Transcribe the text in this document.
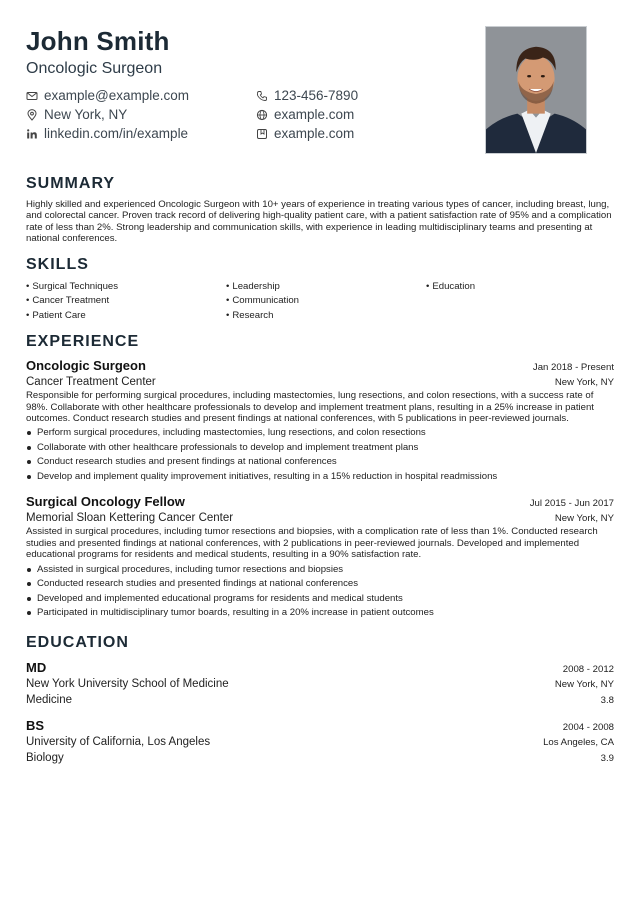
John Smith
Oncologic Surgeon
example@example.com	123-456-7890
New York, NY	example.com
linkedin.com/in/example	example.com
SUMMARY

Highly skilled and experienced Oncologic Surgeon with 10+ years of experience in treating various types of cancer, including breast, lung, and colorectal cancer. Proven track record of delivering high-quality patient care, with a patient satisfaction rate of 95% and a complication rate of less than 2%. Strong leadership and communication skills, with experience in leading multidisciplinary teams and presenting at national conferences.

SKILLS
• Surgical Techniques	• Leadership	• Education
• Cancer Treatment	• Communication
• Patient Care	• Research
EXPERIENCE
Oncologic Surgeon	Jan 2018 - Present
Cancer Treatment Center	New York, NY

Responsible for performing surgical procedures, including mastectomies, lung resections, and colon resections, with a success rate of 98%. Collaborate with other healthcare professionals to develop and implement treatment plans, resulting in a 25% increase in patient outcomes. Conduct research studies and present findings at national conferences, with 5 publications in peer-reviewed journals.

Perform surgical procedures, including mastectomies, lung resections, and colon resections
Collaborate with other healthcare professionals to develop and implement treatment plans
Conduct research studies and present findings at national conferences
Develop and implement quality improvement initiatives, resulting in a 15% reduction in hospital readmissions
Surgical Oncology Fellow	Jul 2015 - Jun 2017
Memorial Sloan Kettering Cancer Center	New York, NY

Assisted in surgical procedures, including tumor resections and biopsies, with a complication rate of less than 1%. Conducted research studies and presented findings at national conferences, with 2 publications in peer-reviewed journals. Developed and implemented educational programs for residents and medical students, resulting in a 90% satisfaction rate.

Assisted in surgical procedures, including tumor resections and biopsies
Conducted research studies and presented findings at national conferences
Developed and implemented educational programs for residents and medical students
Participated in multidisciplinary tumor boards, resulting in a 20% increase in patient outcomes
EDUCATION
MD	2008 - 2012
New York University School of Medicine	New York, NY
Medicine	3.8
BS	2004 - 2008
University of California, Los Angeles	Los Angeles, CA
Biology	3.9
